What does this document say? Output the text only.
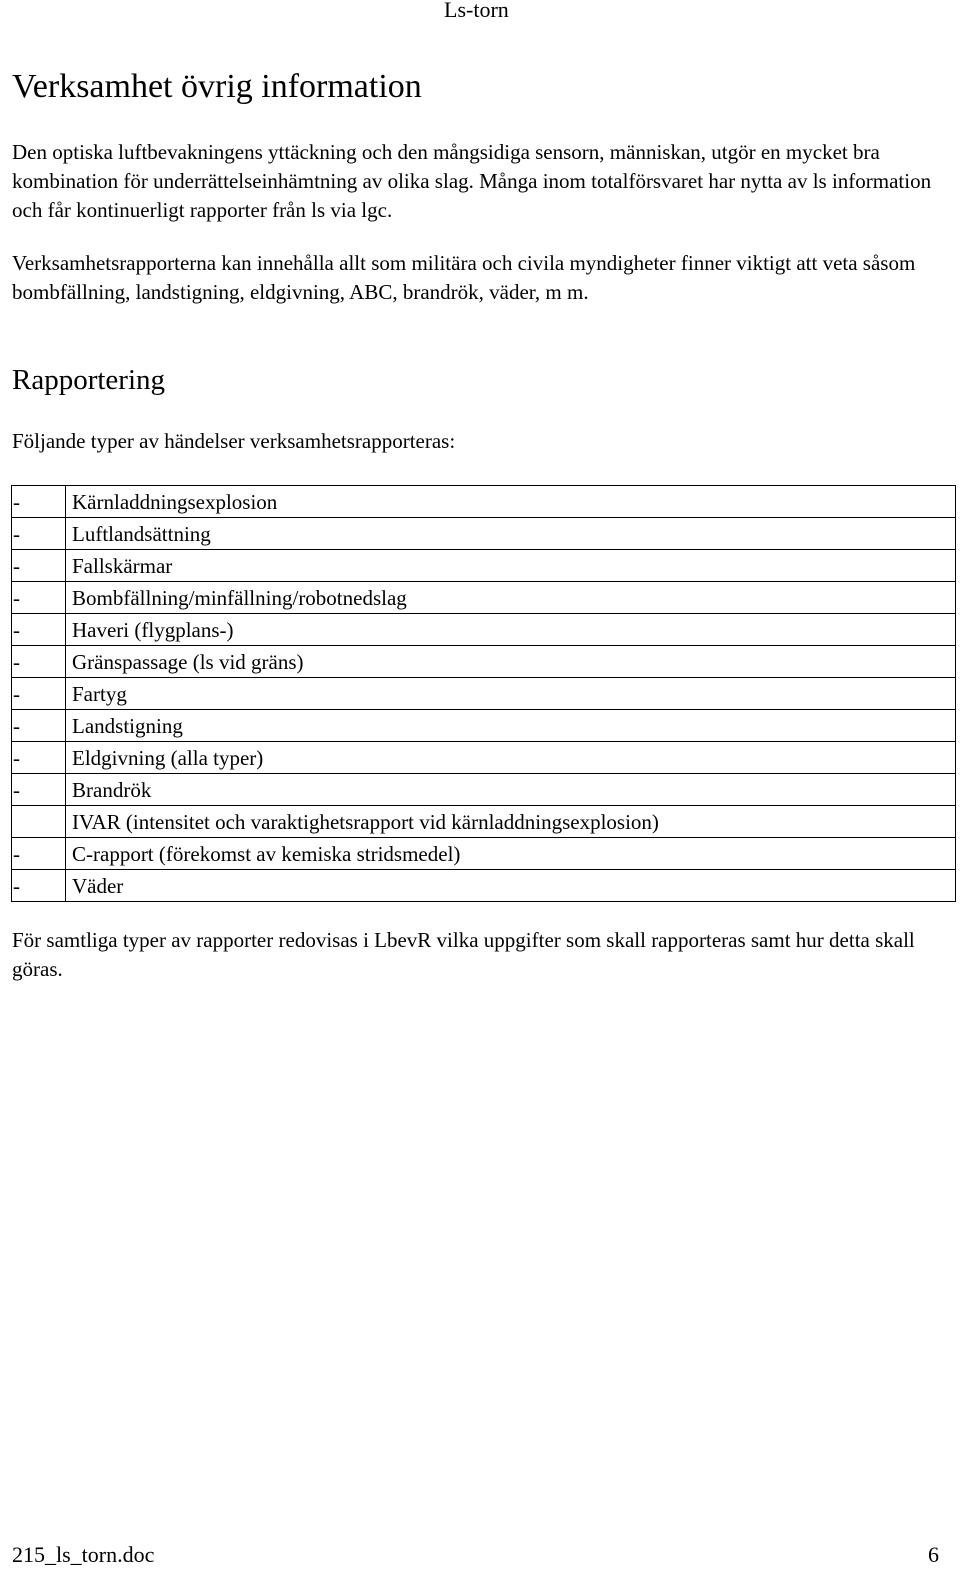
Ls-torn
Verksamhet övrig information

Den optiska luftbevakningens yttäckning och den mångsidiga sensorn, människan, utgör en mycket bra kombination för underrättelseinhämtning av olika slag. Många inom totalförsvaret har nytta av ls information och får kontinuerligt rapporter från ls via lgc.

Verksamhetsrapporterna kan innehålla allt som militära och civila myndigheter finner viktigt att veta såsom bombfällning, landstigning, eldgivning, ABC, brandrök, väder, m m.

Rapportering

Följande typer av händelser verksamhetsrapporteras:

-	Kärnladdningsexplosion
-	Luftlandsättning
-	Fallskärmar
-	Bombfällning/minfällning/robotnedslag
-	Haveri (flygplans-)
-	Gränspassage (ls vid gräns)
-	Fartyg
-	Landstigning
-	Eldgivning (alla typer)
-	Brandrök
	IVAR (intensitet och varaktighetsrapport vid kärnladdningsexplosion)
-	C-rapport (förekomst av kemiska stridsmedel)
-	Väder

För samtliga typer av rapporter redovisas i LbevR vilka uppgifter som skall rapporteras samt hur detta skall göras.

215_ls_torn.doc	6
